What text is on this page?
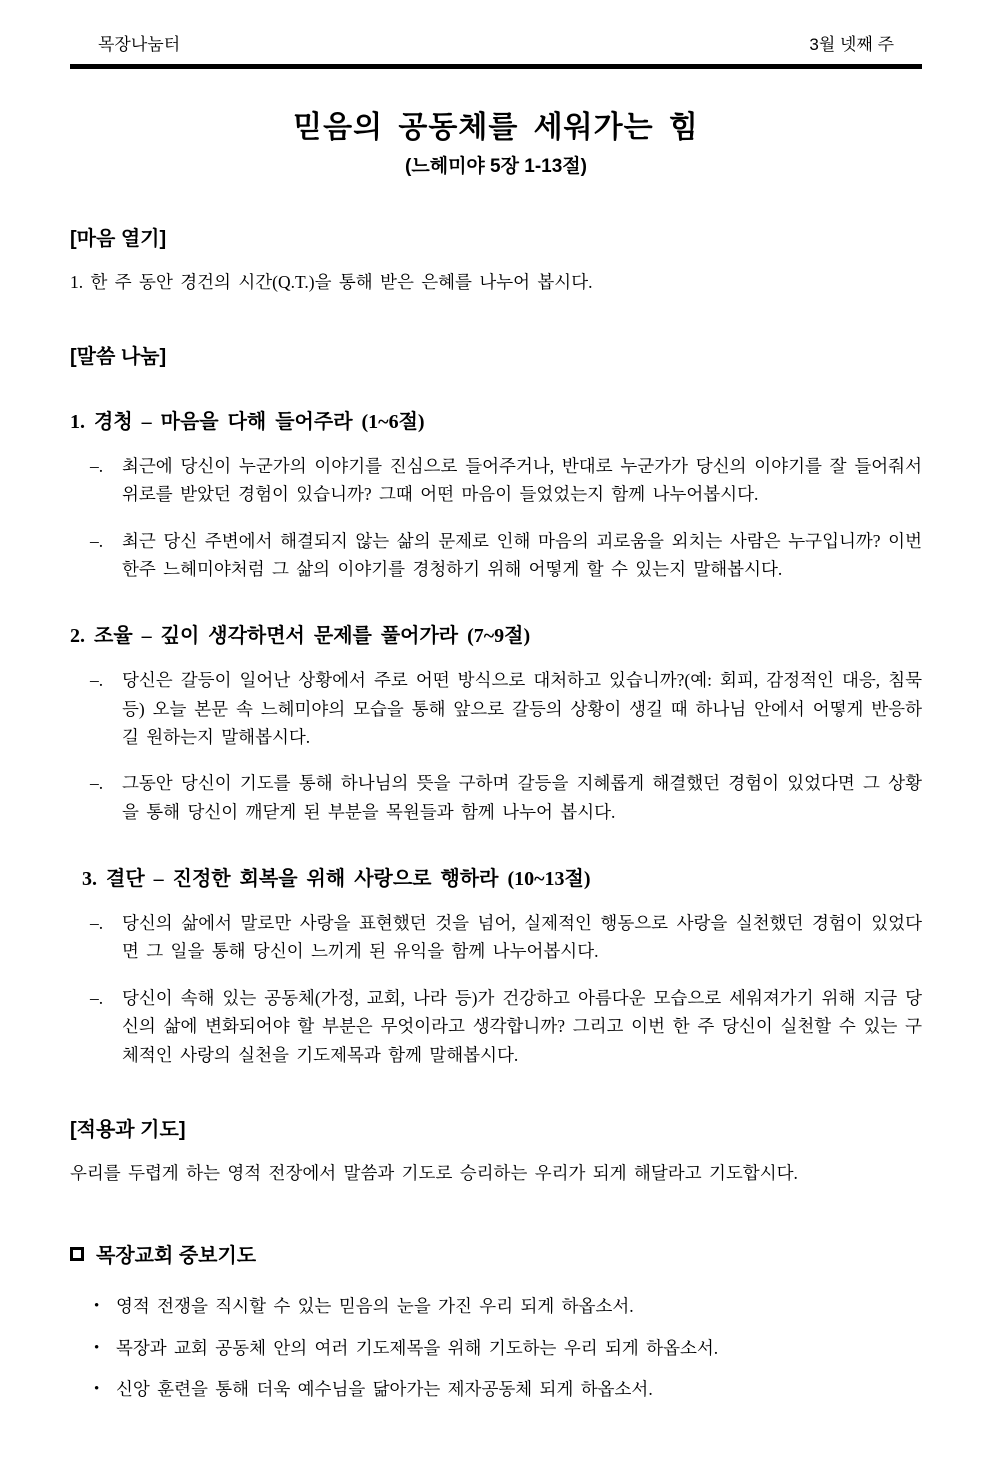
목장나눔터	3월 넷째 주
믿음의 공동체를 세워가는 힘
(느헤미야 5장 1-13절)
[마음 열기]

1. 한 주 동안 경건의 시간(Q.T.)을 통해 받은 은혜를 나누어 봅시다.

[말씀 나눔]
1. 경청 – 마음을 다해 들어주라 (1~6절)
–.	최근에 당신이 누군가의 이야기를 진심으로 들어주거나, 반대로 누군가가 당신의 이야기를 잘 들어줘서 위로를 받았던 경험이 있습니까? 그때 어떤 마음이 들었었는지 함께 나누어봅시다.

–.	최근 당신 주변에서 해결되지 않는 삶의 문제로 인해 마음의 괴로움을 외치는 사람은 누구입니까? 이번 한주 느헤미야처럼 그 삶의 이야기를 경청하기 위해 어떻게 할 수 있는지 말해봅시다.

2. 조율 – 깊이 생각하면서 문제를 풀어가라 (7~9절)
–.	당신은 갈등이 일어난 상황에서 주로 어떤 방식으로 대처하고 있습니까?(예: 회피, 감정적인 대응, 침묵 등) 오늘 본문 속 느헤미야의 모습을 통해 앞으로 갈등의 상황이 생길 때 하나님 안에서 어떻게 반응하길 원하는지 말해봅시다.

–.	그동안 당신이 기도를 통해 하나님의 뜻을 구하며 갈등을 지혜롭게 해결했던 경험이 있었다면 그 상황을 통해 당신이 깨닫게 된 부분을 목원들과 함께 나누어 봅시다.

3. 결단 – 진정한 회복을 위해 사랑으로 행하라 (10~13절)
–.	당신의 삶에서 말로만 사랑을 표현했던 것을 넘어, 실제적인 행동으로 사랑을 실천했던 경험이 있었다면 그 일을 통해 당신이 느끼게 된 유익을 함께 나누어봅시다.

–.	당신이 속해 있는 공동체(가정, 교회, 나라 등)가 건강하고 아름다운 모습으로 세워져가기 위해 지금 당신의 삶에 변화되어야 할 부분은 무엇이라고 생각합니까? 그리고 이번 한 주 당신이 실천할 수 있는 구체적인 사랑의 실천을 기도제목과 함께 말해봅시다.

[적용과 기도]

우리를 두렵게 하는 영적 전장에서 말씀과 기도로 승리하는 우리가 되게 해달라고 기도합시다.

목장교회 중보기도
• 영적 전쟁을 직시할 수 있는 믿음의 눈을 가진 우리 되게 하옵소서.

• 목장과 교회 공동체 안의 여러 기도제목을 위해 기도하는 우리 되게 하옵소서.

• 신앙 훈련을 통해 더욱 예수님을 닮아가는 제자공동체 되게 하옵소서.
